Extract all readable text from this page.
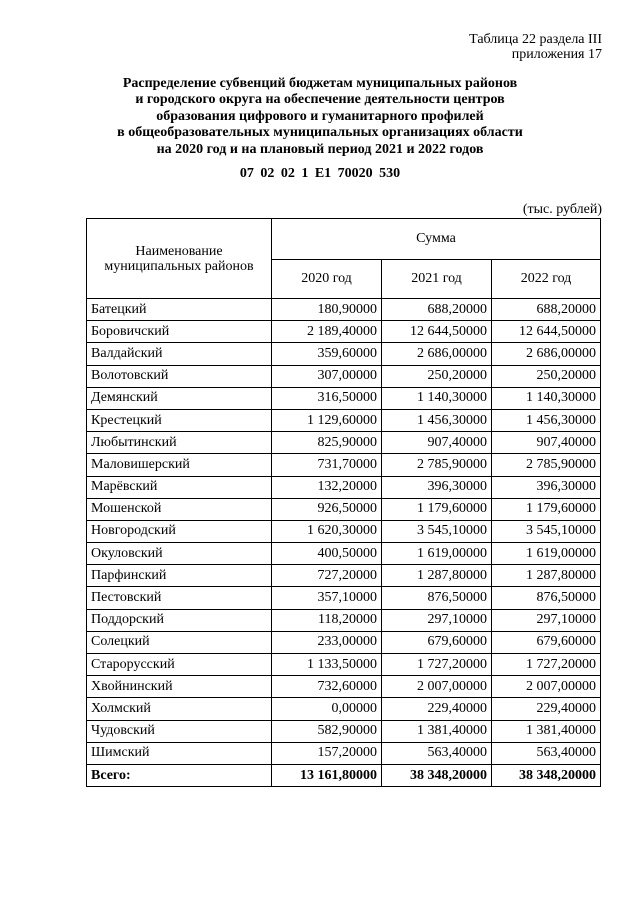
Таблица 22 раздела III
приложения 17
Распределение субвенций бюджетам муниципальных районов
и городского округа на обеспечение деятельности центров
образования цифрового и гуманитарного профилей
в общеобразовательных муниципальных организациях области
на 2020 год и на плановый период 2021 и 2022 годов
07 02 02 1 E1 70020 530
(тыс. рублей)
Наименование муниципальных районов	Сумма		
	2020 год	2021 год	2022 год
Батецкий	180,90000	688,20000	688,20000
Боровичский	2 189,40000	12 644,50000	12 644,50000
Валдайский	359,60000	2 686,00000	2 686,00000
Волотовский	307,00000	250,20000	250,20000
Демянский	316,50000	1 140,30000	1 140,30000
Крестецкий	1 129,60000	1 456,30000	1 456,30000
Любытинский	825,90000	907,40000	907,40000
Маловишерский	731,70000	2 785,90000	2 785,90000
Марёвский	132,20000	396,30000	396,30000
Мошенской	926,50000	1 179,60000	1 179,60000
Новгородский	1 620,30000	3 545,10000	3 545,10000
Окуловский	400,50000	1 619,00000	1 619,00000
Парфинский	727,20000	1 287,80000	1 287,80000
Пестовский	357,10000	876,50000	876,50000
Поддорский	118,20000	297,10000	297,10000
Солецкий	233,00000	679,60000	679,60000
Старорусский	1 133,50000	1 727,20000	1 727,20000
Хвойнинский	732,60000	2 007,00000	2 007,00000
Холмский	0,00000	229,40000	229,40000
Чудовский	582,90000	1 381,40000	1 381,40000
Шимский	157,20000	563,40000	563,40000
Всего:	13 161,80000	38 348,20000	38 348,20000
